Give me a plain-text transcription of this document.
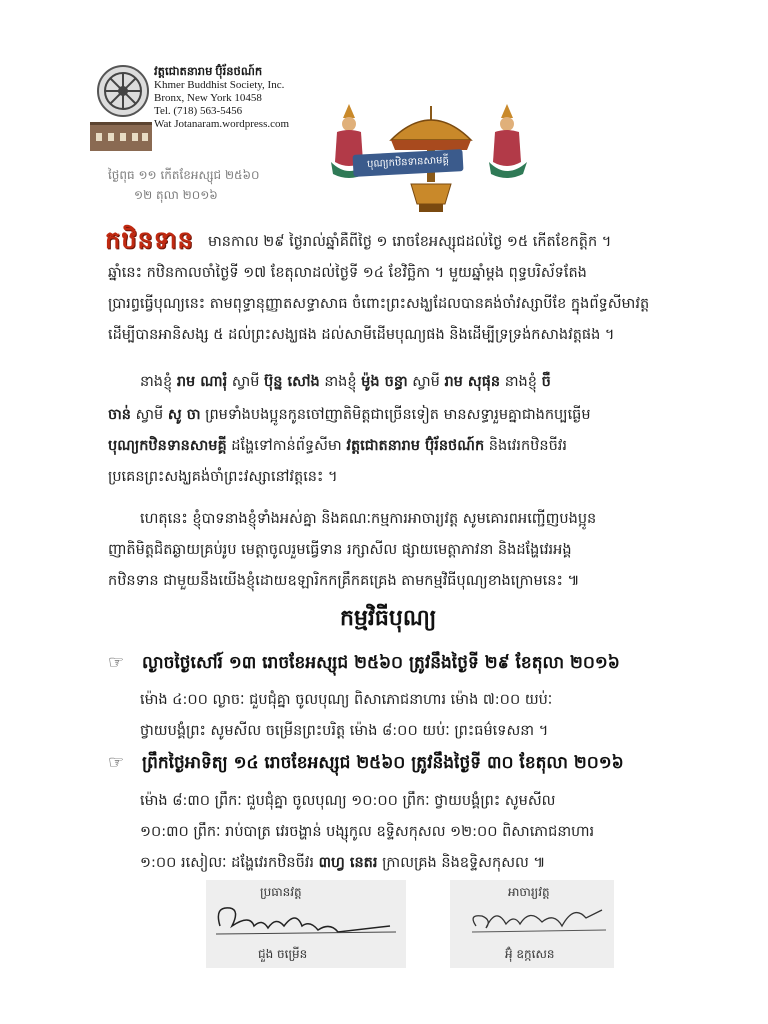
វត្តជោតនារាម ប៊ុំរ័នថណ៍ក
Khmer Buddhist Society, Inc.
Bronx, New York 10458
Tel. (718) 563-5456
Wat Jotanaram.wordpress.com
បុណ្យកឋិនទានសាមគ្គី
ថ្ងៃពុធ ១១ កើតខែអស្សុជ ២៥៦០
១២ តុលា ២០១៦
កឋិនទាន មានកាល ២៩ ថ្ងៃរាល់ឆ្នាំគឺពីថ្ងៃ ១ រោចខែអស្សុជដល់ថ្ងៃ ១៥ កើតខែកត្តិក ។
ឆ្នាំនេះ កឋិនកាលចាំថ្ងៃទី ១៧ ខែតុលាដល់ថ្ងៃទី ១៤ ខែវិច្ឆិកា ។ មួយឆ្នាំម្តង ពុទ្ធបរិស័ទតែង
ប្រារព្ធធ្វើបុណ្យនេះ តាមពុទ្ធានុញ្ញាតសទ្ធាសាធ ចំពោះព្រះសង្ឃដែលបានគង់ចាំវស្សាបីខែ ក្នុងព័ទ្ធសីមាវត្ត
ដើម្បីបានអានិសង្ស ៥ ដល់ព្រះសង្ឃផង ដល់សាមីដើមបុណ្យផង និងដើម្បីទ្រទ្រង់កសាងវត្តផង ។
នាងខ្ញុំ រាម ណារុំ ស្វាមី ប៊ុន្ន សៅង នាងខ្ញុំ ម៉ូង ចន្ធា ស្វាមី រាម សុផុន នាងខ្ញុំ ចឺ
ចាន់ ស្វាមី សូ ចា ព្រមទាំងបងប្អូនកូនចៅញាតិមិត្តជាច្រើនទៀត មានសទ្ធារួមគ្នាជាងកប្បធ្ងើម
បុណ្យកឋិនទានសាមគ្គី ដង្ហែទៅកាន់ព័ទ្ធសីមា វត្តជោតនារាម ប៊ុំរ័នថណ៍ក និងវេរកឋិនចីវរ
ប្រគេនព្រះសង្ឃគង់ចាំព្រះវស្សានៅវត្តនេះ ។
ហេតុនេះ ខ្ញុំបាទនាងខ្ញុំទាំងអស់គ្នា និងគណៈកម្មការអាចារ្យវត្ត សូមគោរពអញ្ជើញបងប្អូន
ញាតិមិត្តជិតឆ្ងាយគ្រប់រូប មេត្តាចូលរួមធ្វើទាន រក្សាសីល ផ្សាយមេត្តាភាវនា និងដង្ហែវេរអង្គ
កឋិនទាន ជាមួយនឹងយើងខ្ញុំដោយឧឡារិកកគ្រឹកគគ្រេង តាមកម្មវិធីបុណ្យខាងក្រោមនេះ ៕
កម្មវិធីបុណ្យ
☞ ល្ងាចថ្ងៃសៅរ៍ ១៣ រោចខែអស្សុជ ២៥៦០ ត្រូវនឹងថ្ងៃទី ២៩ ខែតុលា ២០១៦
ម៉ោង ៤:០០ ល្ងាចៈ ជួបជុំគ្នា ចូលបុណ្យ ពិសាភោជនាហារ ម៉ោង ៧:០០ យប់ៈ
ថ្វាយបង្គំព្រះ សូមសីល ចម្រើនព្រះបរិត្ត ម៉ោង ៨:០០ យប់ៈ ព្រះធម៌ទេសនា ។
☞ ព្រឹកថ្ងៃអាទិត្យ ១៤ រោចខែអស្សុជ ២៥៦០ ត្រូវនឹងថ្ងៃទី ៣០ ខែតុលា ២០១៦
ម៉ោង ៨:៣០ ព្រឹកៈ ជួបជុំគ្នា ចូលបុណ្យ ១០:០០ ព្រឹកៈ ថ្វាយបង្គំព្រះ សូមសីល
១០:៣០ ព្រឹកៈ រាប់បាត្រ វេរចង្ហាន់ បង្សុកូល ឧទ្ទិសកុសល ១២:០០ ពិសាភោជនាហារ
១:០០ រសៀលៈ ដង្ហែវេរកឋិនចីវរ ៣ហ្វ នេតរ ក្រាលគ្រង និងឧទ្ទិសកុសល ៕
ប្រធានវត្ត
ជួង ចម្រើន
អាចារ្យវត្ត
អ៊ុំ ឧក្កសេន
